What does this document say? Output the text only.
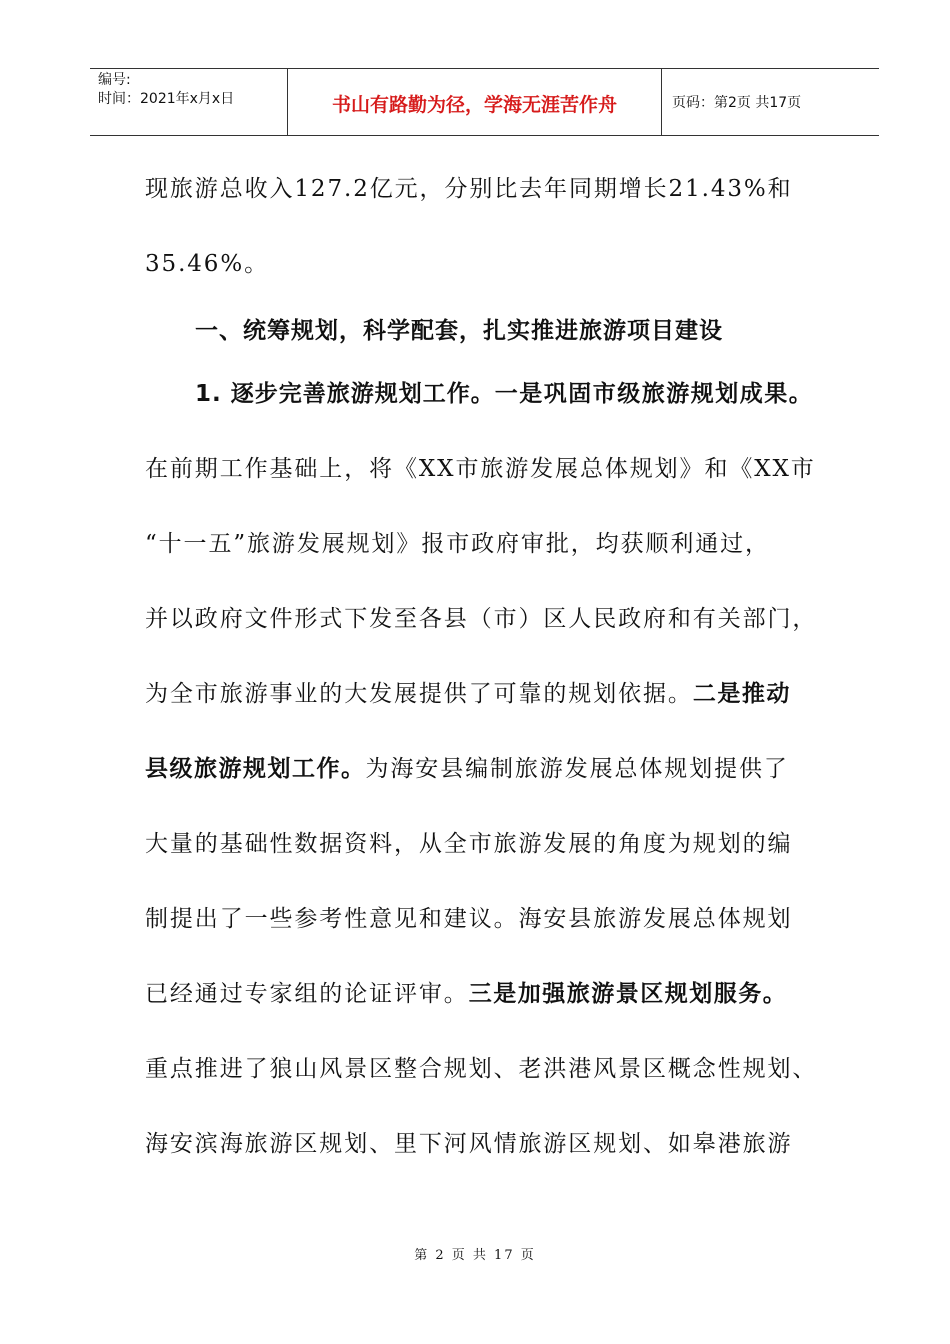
编号:
时间：2021年x月x日	书山有路勤为径，学海无涯苦作舟	页码：第2页 共17页
现旅游总收入127.2亿元，分别比去年同期增长21.43%和
35.46%。
一、统筹规划，科学配套，扎实推进旅游项目建设
1. 逐步完善旅游规划工作。一是巩固市级旅游规划成果。
在前期工作基础上，将《XX市旅游发展总体规划》和《XX市
“十一五”旅游发展规划》报市政府审批，均获顺利通过，
并以政府文件形式下发至各县（市）区人民政府和有关部门，
为全市旅游事业的大发展提供了可靠的规划依据。二是推动
县级旅游规划工作。为海安县编制旅游发展总体规划提供了
大量的基础性数据资料，从全市旅游发展的角度为规划的编
制提出了一些参考性意见和建议。海安县旅游发展总体规划
已经通过专家组的论证评审。三是加强旅游景区规划服务。
重点推进了狼山风景区整合规划、老洪港风景区概念性规划、
海安滨海旅游区规划、里下河风情旅游区规划、如皋港旅游
第 2 页 共 17 页
